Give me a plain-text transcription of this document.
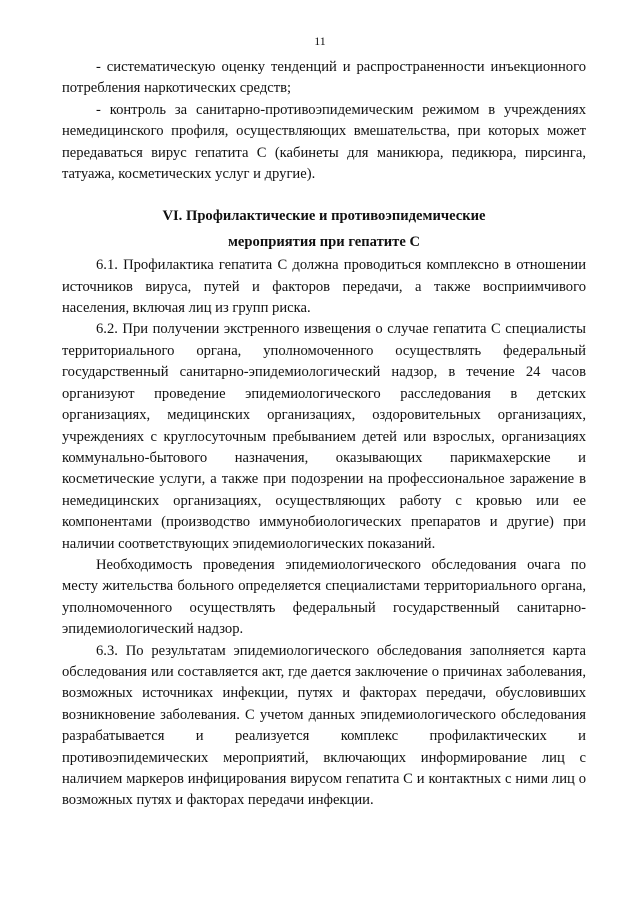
11

- систематическую оценку тенденций и распространенности инъекционного потребления наркотических средств;

- контроль за санитарно-противоэпидемическим режимом в учреждениях немедицинского профиля, осуществляющих вмешательства, при которых может передаваться вирус гепатита C (кабинеты для маникюра, педикюра, пирсинга, татуажа, косметических услуг и другие).

VI. Профилактические и противоэпидемические

мероприятия при гепатите C

6.1. Профилактика гепатита C должна проводиться комплексно в отношении источников вируса, путей и факторов передачи, а также восприимчивого населения, включая лиц из групп риска.

6.2. При получении экстренного извещения о случае гепатита C специалисты территориального органа, уполномоченного осуществлять федеральный государственный санитарно-эпидемиологический надзор, в течение 24 часов организуют проведение эпидемиологического расследования в детских организациях, медицинских организациях, оздоровительных организациях, учреждениях с круглосуточным пребыванием детей или взрослых, организациях коммунально-бытового назначения, оказывающих парикмахерские и косметические услуги, а также при подозрении на профессиональное заражение в немедицинских организациях, осуществляющих работу с кровью или ее компонентами (производство иммунобиологических препаратов и другие) при наличии соответствующих эпидемиологических показаний.

Необходимость проведения эпидемиологического обследования очага по месту жительства больного определяется специалистами территориального органа, уполномоченного осуществлять федеральный государственный санитарно-эпидемиологический надзор.

6.3. По результатам эпидемиологического обследования заполняется карта обследования или составляется акт, где дается заключение о причинах заболевания, возможных источниках инфекции, путях и факторах передачи, обусловивших возникновение заболевания. С учетом данных эпидемиологического обследования разрабатывается и реализуется комплекс профилактических и противоэпидемических мероприятий, включающих информирование лиц с наличием маркеров инфицирования вирусом гепатита C и контактных с ними лиц о возможных путях и факторах передачи инфекции.
